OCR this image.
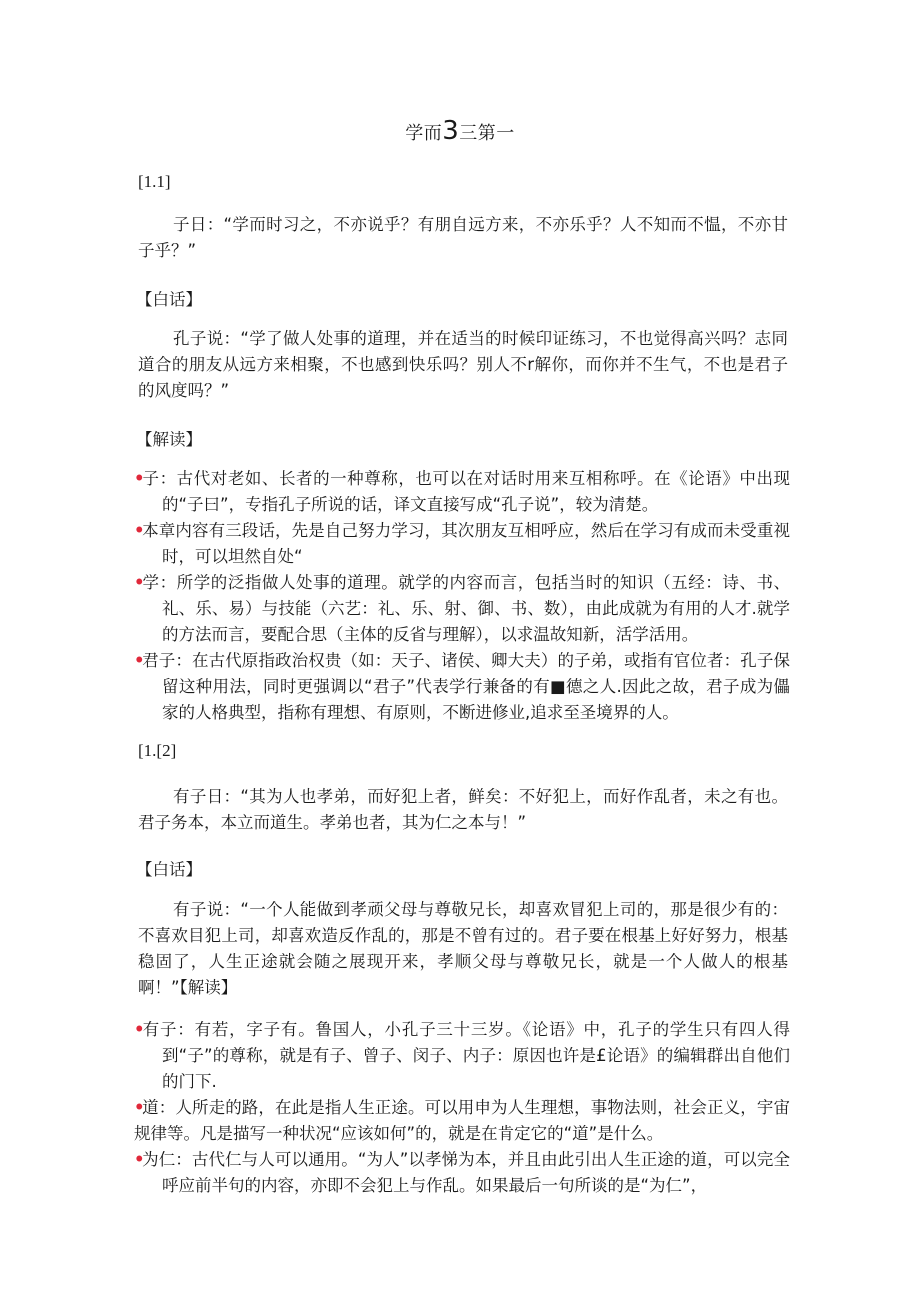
学而3三第一
[1.1]
子日：“学而时习之，不亦说乎？有朋自远方来，不亦乐乎？人不知而不愠，不亦甘子乎？”
【白话】
孔子说：“学了做人处事的道理，并在适当的时候印证练习，不也觉得高兴吗？志同道合的朋友从远方来相聚，不也感到快乐吗？别人不r解你，而你并不生气，不也是君子的风度吗？”
【解读】
•子：古代对老如、长者的一种尊称，也可以在对话时用来互相称呼。在《论语》中出现的“子曰”，专指孔子所说的话，译文直接写成“孔子说”，较为清楚。
•本章内容有三段话，先是自己努力学习，其次朋友互相呼应，然后在学习有成而未受重视时，可以坦然自处“
•学：所学的泛指做人处事的道理。就学的内容而言，包括当时的知识（五经：诗、书、礼、乐、易）与技能（六艺：礼、乐、射、御、书、数），由此成就为有用的人才.就学的方法而言，要配合思（主体的反省与理解），以求温故知新，活学活用。
•君子：在古代原指政治权贵（如：天子、诸侯、卿大夫）的子弟，或指有官位者：孔子保留这种用法，同时更强调以“君子”代表学行兼备的有■德之人.因此之故，君子成为儡家的人格典型，指称有理想、有原则，不断进修业,追求至圣境界的人。
[1.[2]
有子日：“其为人也孝弟，而好犯上者，鲜矣：不好犯上，而好作乱者，未之有也。君子务本，本立而道生。孝弟也者，其为仁之本与！”
【白话】
有子说：“一个人能做到孝顽父母与尊敬兄长，却喜欢冒犯上司的，那是很少有的：不喜欢目犯上司，却喜欢造反作乱的，那是不曾有过的。君子要在根基上好好努力，根基稳固了，人生正途就会随之展现开来，孝顺父母与尊敬兄长，就是一个人做人的根基啊！”【解读】
•有子：有若，字子有。鲁国人，小孔子三十三岁。《论语》中，孔子的学生只有四人得到“子”的尊称，就是有子、曾子、闵子、内子：原因也许是£论语》的编辑群出自他们的门下.
•道：人所走的路，在此是指人生正途。可以用申为人生理想，事物法则，社会正义，宇宙规律等。凡是描写一种状况“应该如何”的，就是在肯定它的“道”是什么。
•为仁：古代仁与人可以通用。“为人”以孝悌为本，并且由此引出人生正途的道，可以完全呼应前半句的内容，亦即不会犯上与作乱。如果最后一句所谈的是“为仁”，
